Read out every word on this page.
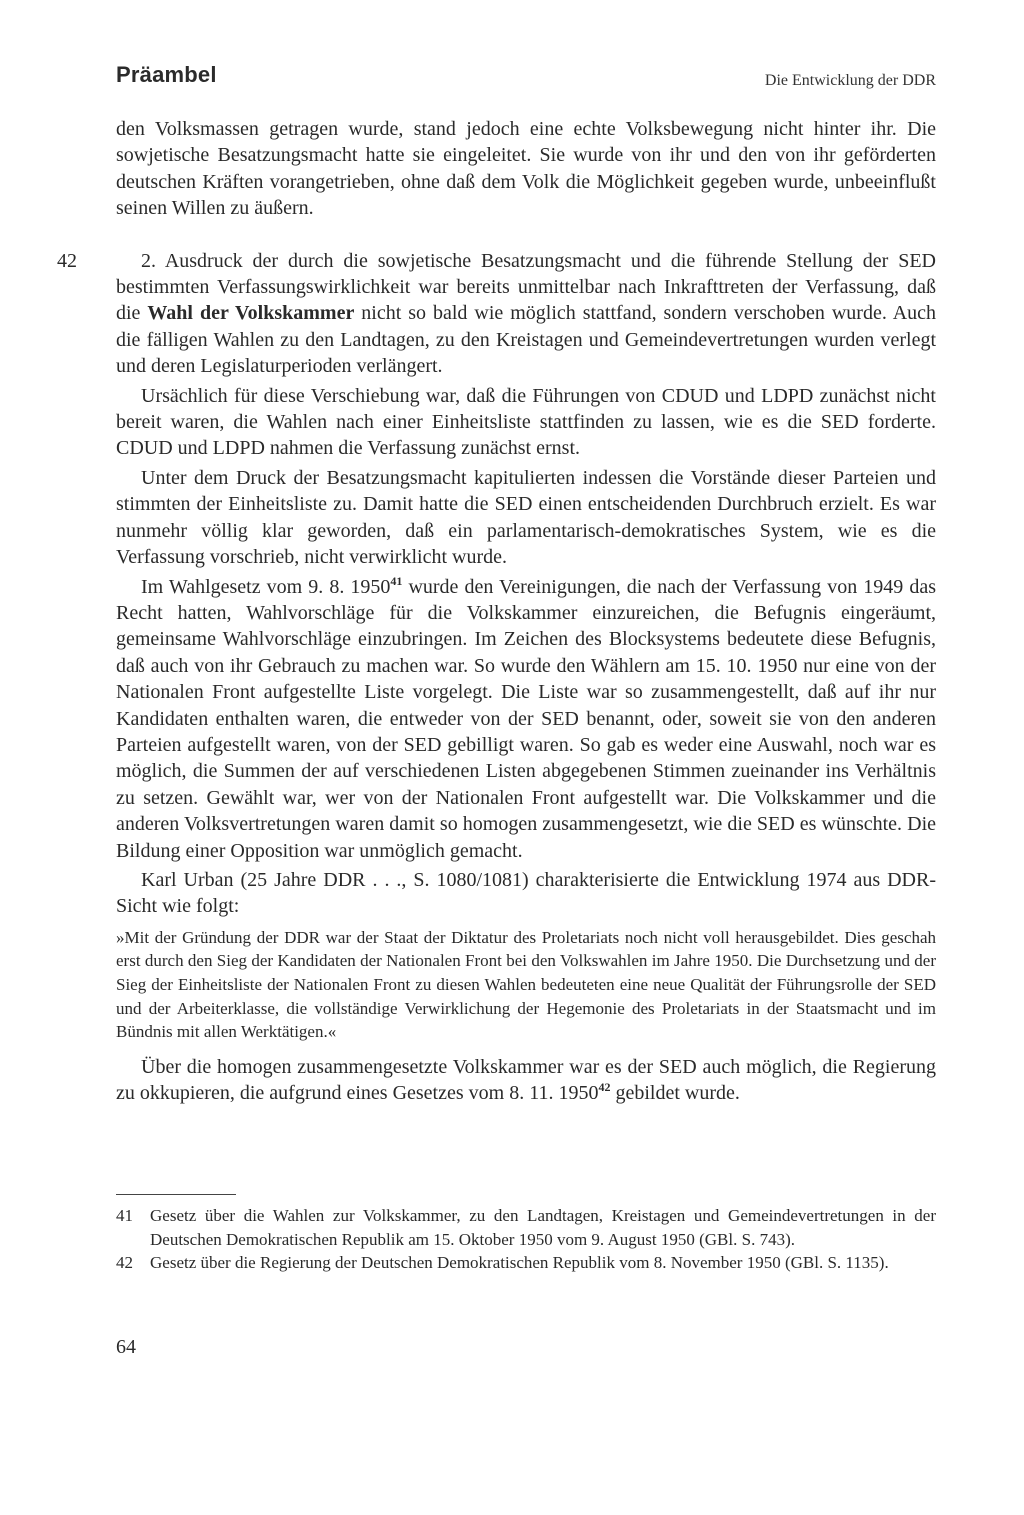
Präambel	Die Entwicklung der DDR

den Volksmassen getragen wurde, stand jedoch eine echte Volksbewegung nicht hinter ihr. Die sowjetische Besatzungsmacht hatte sie eingeleitet. Sie wurde von ihr und den von ihr geförderten deutschen Kräften vorangetrieben, ohne daß dem Volk die Möglichkeit gegeben wurde, unbeeinflußt seinen Willen zu äußern.

42	2. Ausdruck der durch die sowjetische Besatzungsmacht und die führende Stellung der SED bestimmten Verfassungswirklichkeit war bereits unmittelbar nach Inkrafttreten der Verfassung, daß die Wahl der Volkskammer nicht so bald wie möglich stattfand, sondern verschoben wurde. Auch die fälligen Wahlen zu den Landtagen, zu den Kreistagen und Gemeindevertretungen wurden verlegt und deren Legislaturperioden verlängert.

Ursächlich für diese Verschiebung war, daß die Führungen von CDUD und LDPD zunächst nicht bereit waren, die Wahlen nach einer Einheitsliste stattfinden zu lassen, wie es die SED forderte. CDUD und LDPD nahmen die Verfassung zunächst ernst.

Unter dem Druck der Besatzungsmacht kapitulierten indessen die Vorstände dieser Parteien und stimmten der Einheitsliste zu. Damit hatte die SED einen entscheidenden Durchbruch erzielt. Es war nunmehr völlig klar geworden, daß ein parlamentarisch-demokratisches System, wie es die Verfassung vorschrieb, nicht verwirklicht wurde.

Im Wahlgesetz vom 9. 8. 1950$^{41}$ wurde den Vereinigungen, die nach der Verfassung von 1949 das Recht hatten, Wahlvorschläge für die Volkskammer einzureichen, die Befugnis eingeräumt, gemeinsame Wahlvorschläge einzubringen. Im Zeichen des Blocksystems bedeutete diese Befugnis, daß auch von ihr Gebrauch zu machen war. So wurde den Wählern am 15. 10. 1950 nur eine von der Nationalen Front aufgestellte Liste vorgelegt. Die Liste war so zusammengestellt, daß auf ihr nur Kandidaten enthalten waren, die entweder von der SED benannt, oder, soweit sie von den anderen Parteien aufgestellt waren, von der SED gebilligt waren. So gab es weder eine Auswahl, noch war es möglich, die Summen der auf verschiedenen Listen abgegebenen Stimmen zueinander ins Verhältnis zu setzen. Gewählt war, wer von der Nationalen Front aufgestellt war. Die Volkskammer und die anderen Volksvertretungen waren damit so homogen zusammengesetzt, wie die SED es wünschte. Die Bildung einer Opposition war unmöglich gemacht.

Karl Urban (25 Jahre DDR . . ., S. 1080/1081) charakterisierte die Entwicklung 1974 aus DDR-Sicht wie folgt:

»Mit der Gründung der DDR war der Staat der Diktatur des Proletariats noch nicht voll herausgebildet. Dies geschah erst durch den Sieg der Kandidaten der Nationalen Front bei den Volkswahlen im Jahre 1950. Die Durchsetzung und der Sieg der Einheitsliste der Nationalen Front zu diesen Wahlen bedeuteten eine neue Qualität der Führungsrolle der SED und der Arbeiterklasse, die vollständige Verwirklichung der Hegemonie des Proletariats in der Staatsmacht und im Bündnis mit allen Werktätigen.«

Über die homogen zusammengesetzte Volkskammer war es der SED auch möglich, die Regierung zu okkupieren, die aufgrund eines Gesetzes vom 8. 11. 1950$^{42}$ gebildet wurde.

41 Gesetz über die Wahlen zur Volkskammer, zu den Landtagen, Kreistagen und Gemeindevertretungen in der Deutschen Demokratischen Republik am 15. Oktober 1950 vom 9. August 1950 (GBl. S. 743).
42 Gesetz über die Regierung der Deutschen Demokratischen Republik vom 8. November 1950 (GBl. S. 1135).
64
